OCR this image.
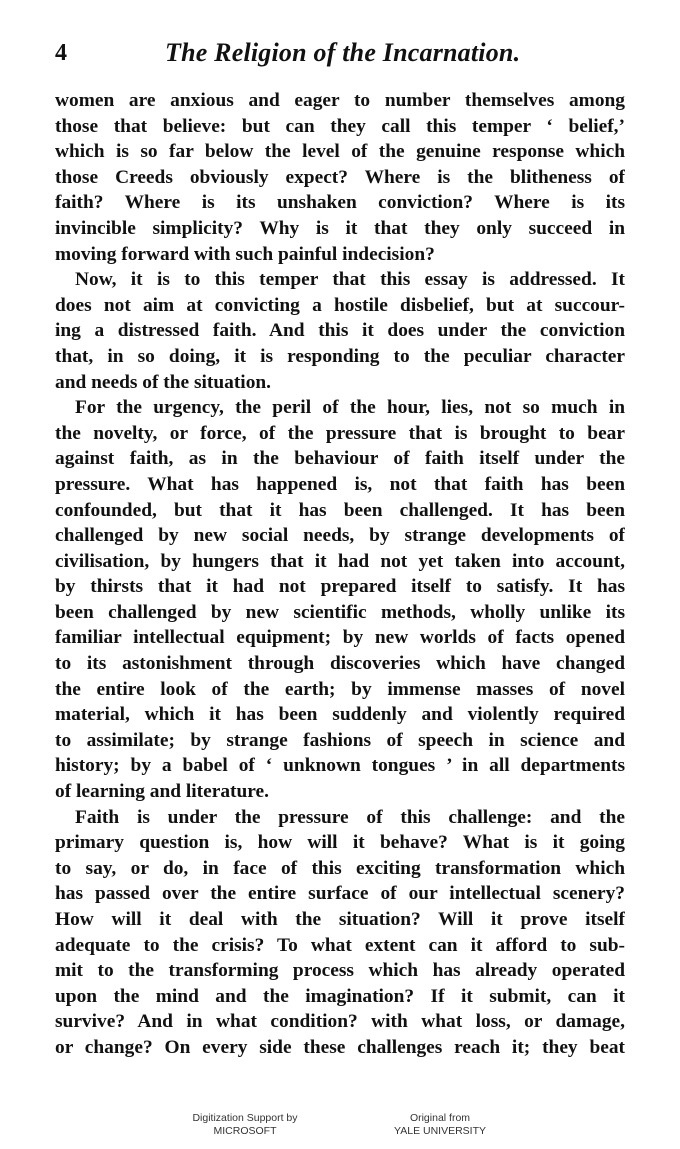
4	The Religion of the Incarnation.
women are anxious and eager to number themselves among
those that believe: but can they call this temper ‘ belief,’
which is so far below the level of the genuine response which
those Creeds obviously expect? Where is the blitheness of
faith? Where is its unshaken conviction? Where is its
invincible simplicity? Why is it that they only succeed in
moving forward with such painful indecision?
Now, it is to this temper that this essay is addressed. It
does not aim at convicting a hostile disbelief, but at succour-
ing a distressed faith. And this it does under the conviction
that, in so doing, it is responding to the peculiar character
and needs of the situation.
For the urgency, the peril of the hour, lies, not so much in
the novelty, or force, of the pressure that is brought to bear
against faith, as in the behaviour of faith itself under the
pressure. What has happened is, not that faith has been
confounded, but that it has been challenged. It has been
challenged by new social needs, by strange developments of
civilisation, by hungers that it had not yet taken into account,
by thirsts that it had not prepared itself to satisfy. It has
been challenged by new scientific methods, wholly unlike its
familiar intellectual equipment; by new worlds of facts opened
to its astonishment through discoveries which have changed
the entire look of the earth; by immense masses of novel
material, which it has been suddenly and violently required
to assimilate; by strange fashions of speech in science and
history; by a babel of ‘ unknown tongues ’ in all departments
of learning and literature.
Faith is under the pressure of this challenge: and the
primary question is, how will it behave? What is it going
to say, or do, in face of this exciting transformation which
has passed over the entire surface of our intellectual scenery?
How will it deal with the situation? Will it prove itself
adequate to the crisis? To what extent can it afford to sub-
mit to the transforming process which has already operated
upon the mind and the imagination? If it submit, can it
survive? And in what condition? with what loss, or damage,
or change? On every side these challenges reach it; they beat
Digitization Support by
MICROSOFT
Original from
YALE UNIVERSITY
